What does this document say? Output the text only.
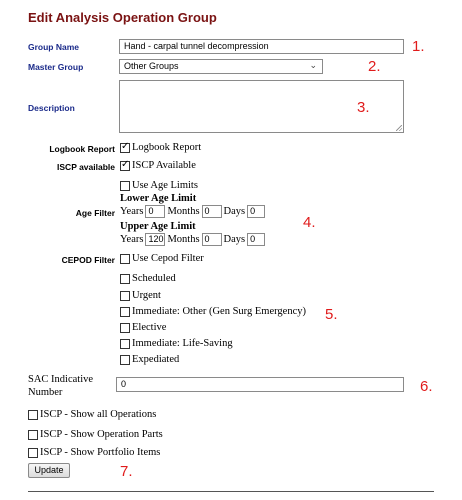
Edit Analysis Operation Group
Group Name	Hand - carpal tunnel decompression	1.
Master Group	Other Groups	⌄	2.
Description	3.
Logbook Report ✓ Logbook Report
ISCP available ✓ ISCP Available
Use Age Limits
Lower Age Limit
Age Filter Years 0	Months 0	Days 0
Upper Age Limit
Years 120 Months 0	Days 0
4.
CEPOD Filter Use Cepod Filter
Scheduled
Urgent
Immediate: Other (Gen Surg Emergency)
Elective
Immediate: Life-Saving
Expediated
5.
SAC Indicative
Number
0	6.
ISCP - Show all Operations
ISCP - Show Operation Parts
ISCP - Show Portfolio Items
Update	7.
